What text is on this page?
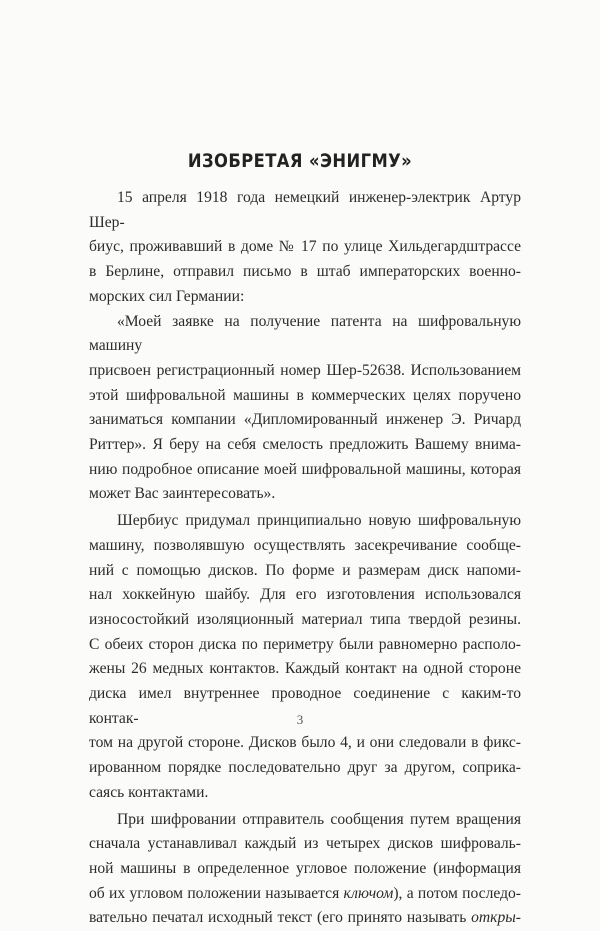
ИЗОБРЕТАЯ «ЭНИГМУ»

15 апреля 1918 года немецкий инженер-электрик Артур Шер-

биус, проживавший в доме № 17 по улице Хильдегардштрассе

в Берлине, отправил письмо в штаб императорских военно-

морских сил Германии:

«Моей заявке на получение патента на шифровальную машину

присвоен регистрационный номер Шер-52638. Использованием

этой шифровальной машины в коммерческих целях поручено

заниматься компании «Дипломированный инженер Э. Ричард

Риттер». Я беру на себя смелость предложить Вашему внима-

нию подробное описание моей шифровальной машины, которая

может Вас заинтересовать».

Шербиус придумал принципиально новую шифровальную

машину, позволявшую осуществлять засекречивание сообще-

ний с помощью дисков. По форме и размерам диск напоми-

нал хоккейную шайбу. Для его изготовления использовался

износостойкий изоляционный материал типа твердой резины.

С обеих сторон диска по периметру были равномерно располо-

жены 26 медных контактов. Каждый контакт на одной стороне

диска имел внутреннее проводное соединение с каким-то контак-

том на другой стороне. Дисков было 4, и они следовали в фикс-

ированном порядке последовательно друг за другом, соприка-

саясь контактами.

При шифровании отправитель сообщения путем вращения

сначала устанавливал каждый из четырех дисков шифроваль-

ной машины в определенное угловое положение (информация

об их угловом положении называется ключом), а потом последо-

вательно печатал исходный текст (его принято называть откры-

3
